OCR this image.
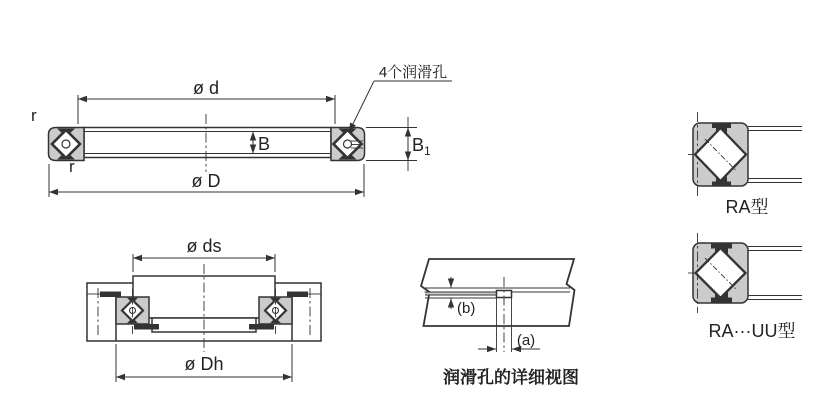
ø d
ø D
B	B 1
r
r
4个润滑孔
ø ds
ø Dh
(b)
(a)
润滑孔的详细视图
RA型
RA···UU型
